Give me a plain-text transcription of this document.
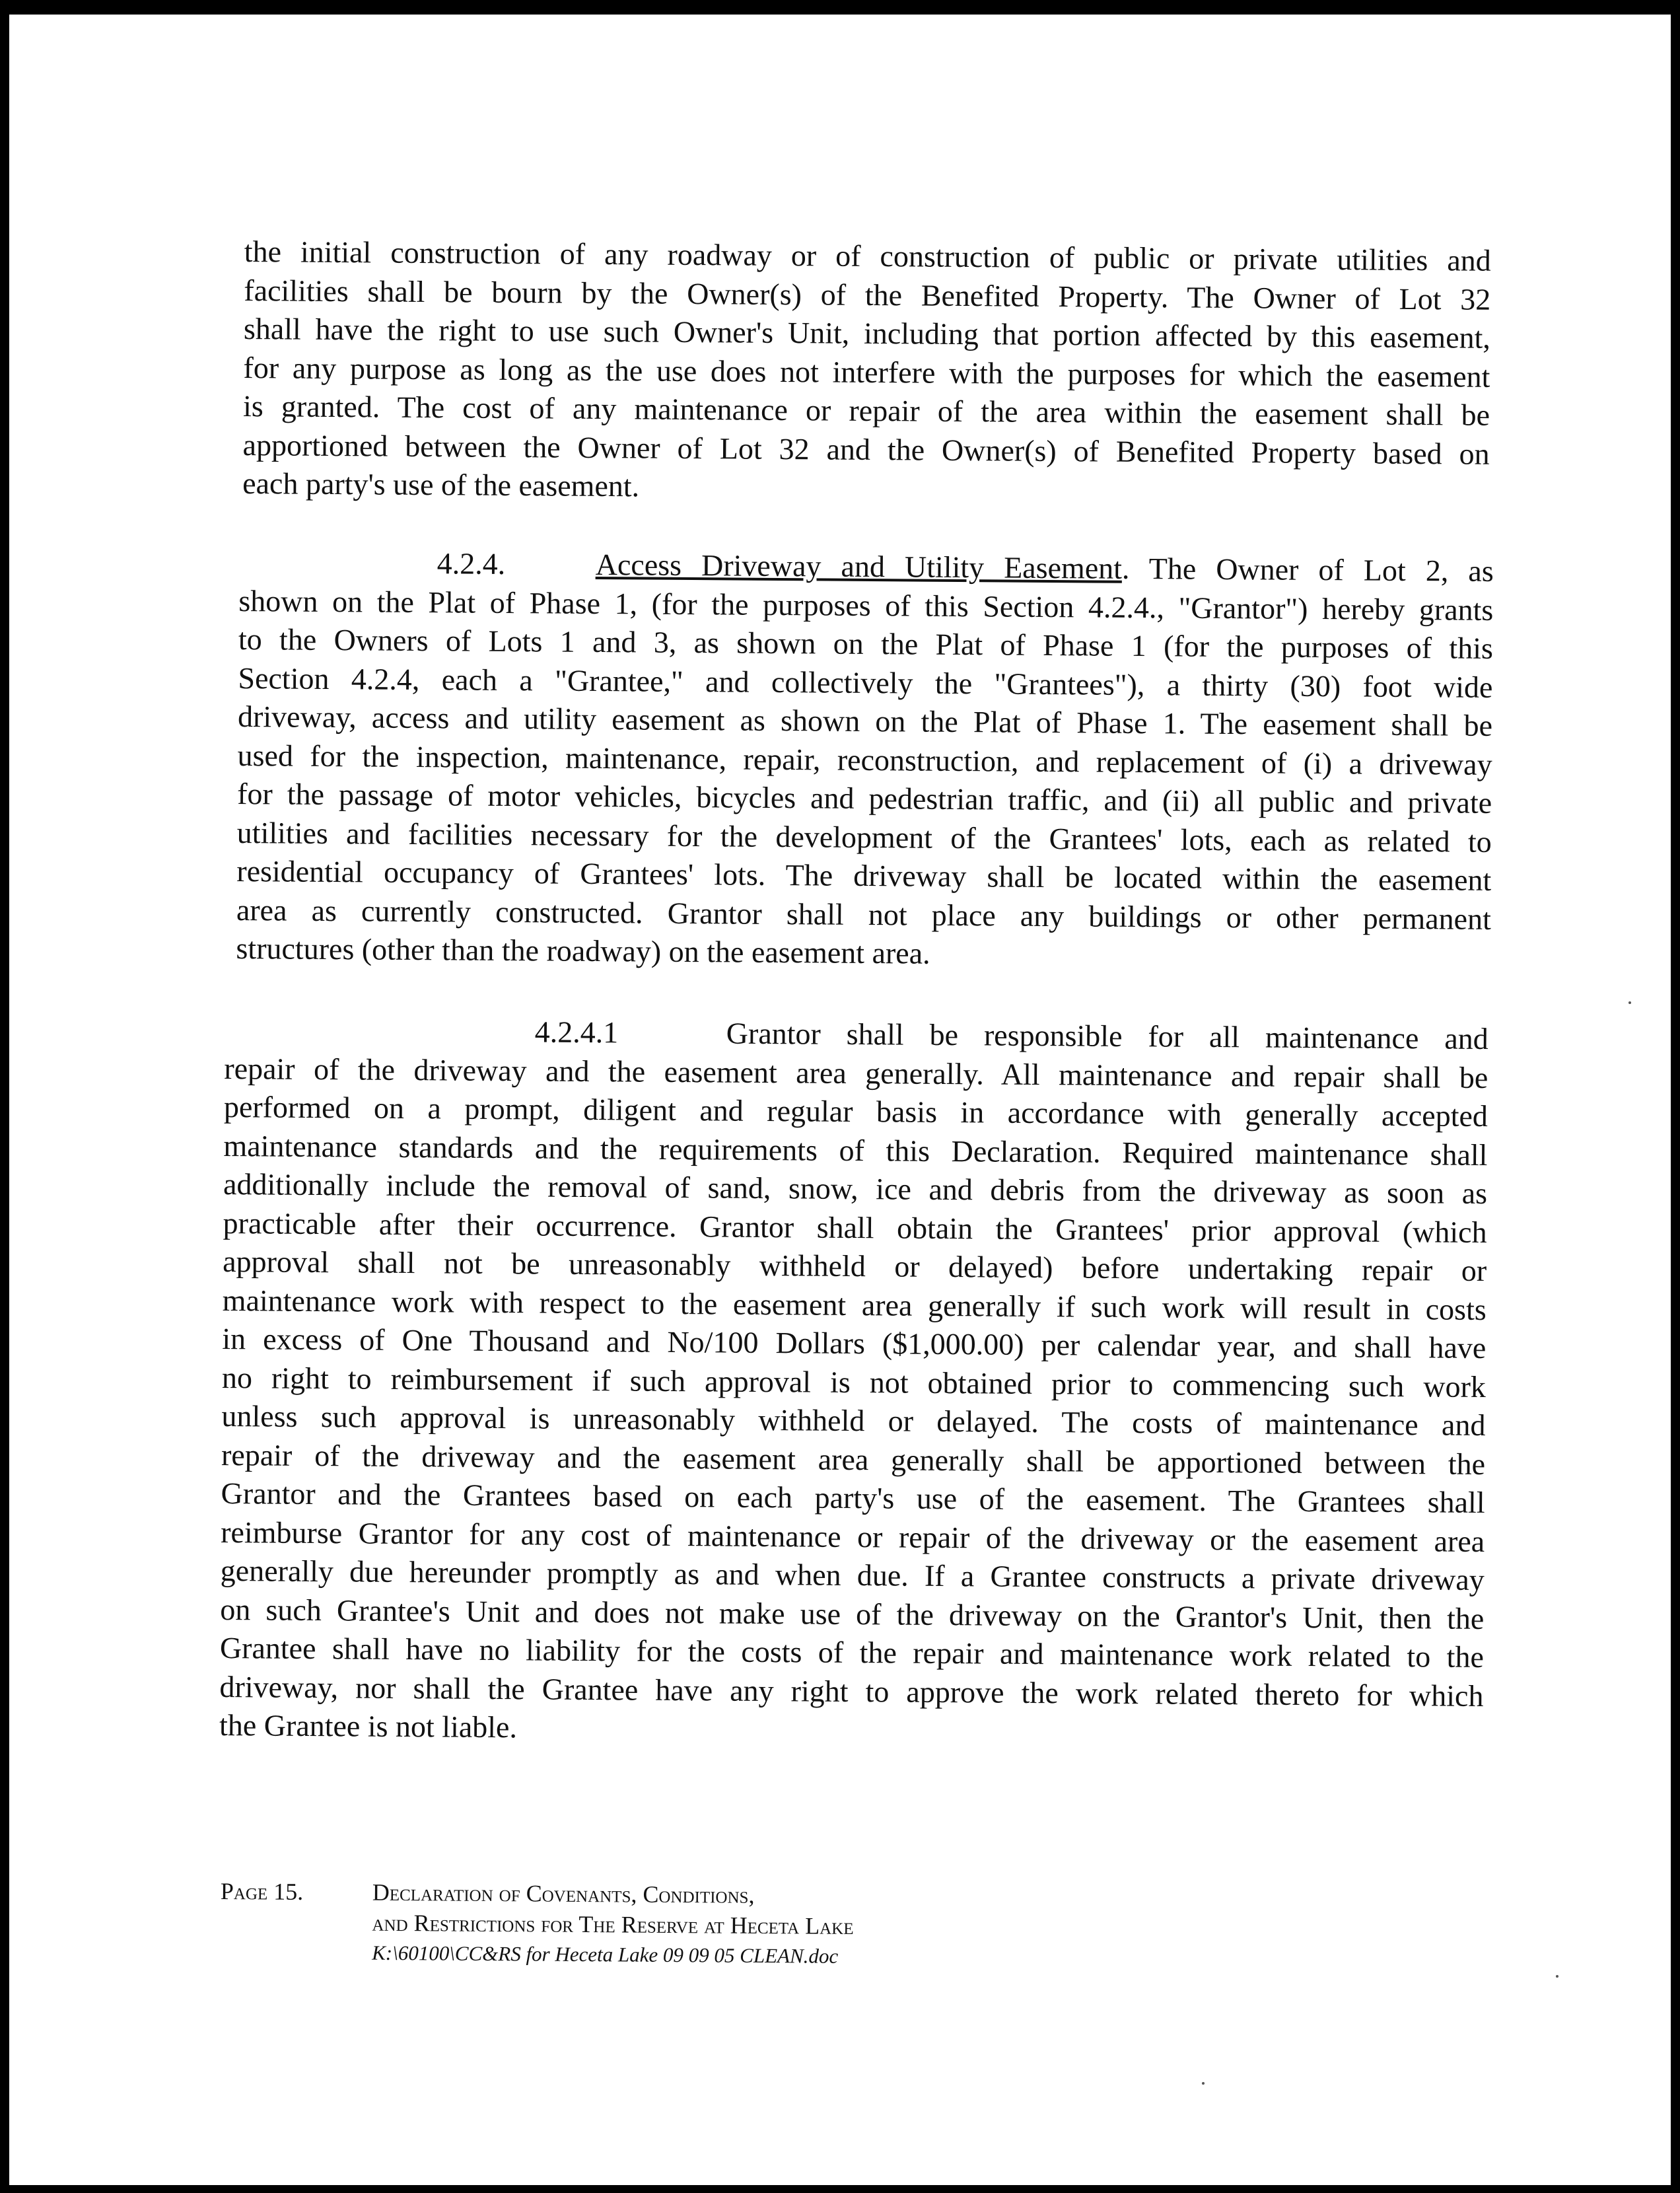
the initial construction of any roadway or of construction of public or private utilities and
facilities shall be bourn by the Owner(s) of the Benefited Property. The Owner of Lot 32
shall have the right to use such Owner's Unit, including that portion affected by this easement,
for any purpose as long as the use does not interfere with the purposes for which the easement
is granted. The cost of any maintenance or repair of the area within the easement shall be
apportioned between the Owner of Lot 32 and the Owner(s) of Benefited Property based on
each party's use of the easement.
4.2.4.	Access Driveway and Utility Easement. The Owner of Lot 2, as
shown on the Plat of Phase 1, (for the purposes of this Section 4.2.4., "Grantor") hereby grants
to the Owners of Lots 1 and 3, as shown on the Plat of Phase 1 (for the purposes of this
Section 4.2.4, each a "Grantee," and collectively the "Grantees"), a thirty (30) foot wide
driveway, access and utility easement as shown on the Plat of Phase 1. The easement shall be
used for the inspection, maintenance, repair, reconstruction, and replacement of (i) a driveway
for the passage of motor vehicles, bicycles and pedestrian traffic, and (ii) all public and private
utilities and facilities necessary for the development of the Grantees' lots, each as related to
residential occupancy of Grantees' lots. The driveway shall be located within the easement
area as currently constructed. Grantor shall not place any buildings or other permanent
structures (other than the roadway) on the easement area.
4.2.4.1	Grantor shall be responsible for all maintenance and
repair of the driveway and the easement area generally. All maintenance and repair shall be
performed on a prompt, diligent and regular basis in accordance with generally accepted
maintenance standards and the requirements of this Declaration. Required maintenance shall
additionally include the removal of sand, snow, ice and debris from the driveway as soon as
practicable after their occurrence. Grantor shall obtain the Grantees' prior approval (which
approval shall not be unreasonably withheld or delayed) before undertaking repair or
maintenance work with respect to the easement area generally if such work will result in costs
in excess of One Thousand and No/100 Dollars ($1,000.00) per calendar year, and shall have
no right to reimbursement if such approval is not obtained prior to commencing such work
unless such approval is unreasonably withheld or delayed. The costs of maintenance and
repair of the driveway and the easement area generally shall be apportioned between the
Grantor and the Grantees based on each party's use of the easement. The Grantees shall
reimburse Grantor for any cost of maintenance or repair of the driveway or the easement area
generally due hereunder promptly as and when due. If a Grantee constructs a private driveway
on such Grantee's Unit and does not make use of the driveway on the Grantor's Unit, then the
Grantee shall have no liability for the costs of the repair and maintenance work related to the
driveway, nor shall the Grantee have any right to approve the work related thereto for which
the Grantee is not liable.
Page 15.	Declaration of Covenants, Conditions,
and Restrictions for The Reserve at Heceta Lake
K:\60100\CC&RS for Heceta Lake 09 09 05 CLEAN.doc
